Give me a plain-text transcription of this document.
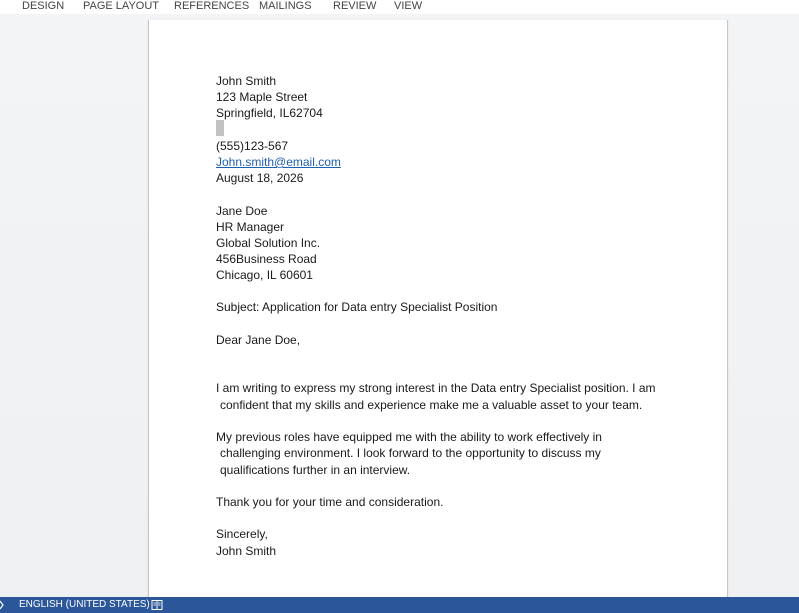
DESIGN PAGE LAYOUT REFERENCES MAILINGS REVIEW VIEW
John Smith
123 Maple Street
Springfield, IL62704
(555)123-567
John.smith@email.com
August 18, 2026
Jane Doe
HR Manager
Global Solution Inc.
456Business Road
Chicago, IL 60601
Subject: Application for Data entry Specialist Position
Dear Jane Doe,
I am writing to express my strong interest in the Data entry Specialist position. I am
confident that my skills and experience make me a valuable asset to your team.
My previous roles have equipped me with the ability to work effectively in
challenging environment. I look forward to the opportunity to discuss my
qualifications further in an interview.
Thank you for your time and consideration.
Sincerely,
John Smith
ENGLISH (UNITED STATES)
